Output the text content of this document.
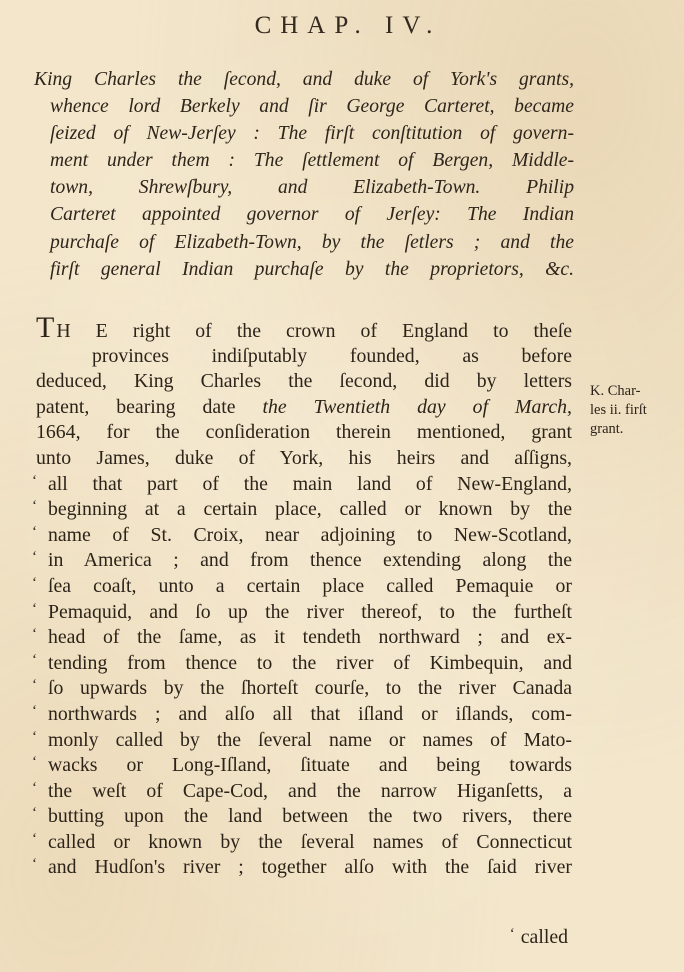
CHAP. IV.
King Charles the ſecond, and duke of York's grants,
whence lord Berkely and ſir George Carteret, became
ſeized of New-Jerſey : The firſt conſtitution of govern-
ment under them : The ſettlement of Bergen, Middle-
town, Shrewſbury, and Elizabeth-Town. Philip
Carteret appointed governor of Jerſey: The Indian
purchaſe of Elizabeth-Town, by the ſetlers ; and the
firſt general Indian purchaſe by the proprietors, &c.
T H E right of the crown of England to theſe
provinces indiſputably founded, as before
deduced, King Charles the ſecond, did by letters
patent, bearing date the Twentieth day of March,
1664, for the conſideration therein mentioned, grant
unto James, duke of York, his heirs and aſſigns,
‘ all that part of the main land of New-England,
‘ beginning at a certain place, called or known by the
‘ name of St. Croix, near adjoining to New-Scotland,
‘ in America ; and from thence extending along the
‘ ſea coaſt, unto a certain place called Pemaquie or
‘ Pemaquid, and ſo up the river thereof, to the furtheſt
‘ head of the ſame, as it tendeth northward ; and ex-
‘ tending from thence to the river of Kimbequin, and
‘ ſo upwards by the ſhorteſt courſe, to the river Canada
‘ northwards ; and alſo all that iſland or iſlands, com-
‘ monly called by the ſeveral name or names of Mato-
‘ wacks or Long-Iſland, ſituate and being towards
‘ the weſt of Cape-Cod, and the narrow Higanſetts, a
‘ butting upon the land between the two rivers, there
‘ called or known by the ſeveral names of Connecticut
‘ and Hudſon's river ; together alſo with the ſaid river
‘ called
K. Char-
les ii. firſt
grant.
